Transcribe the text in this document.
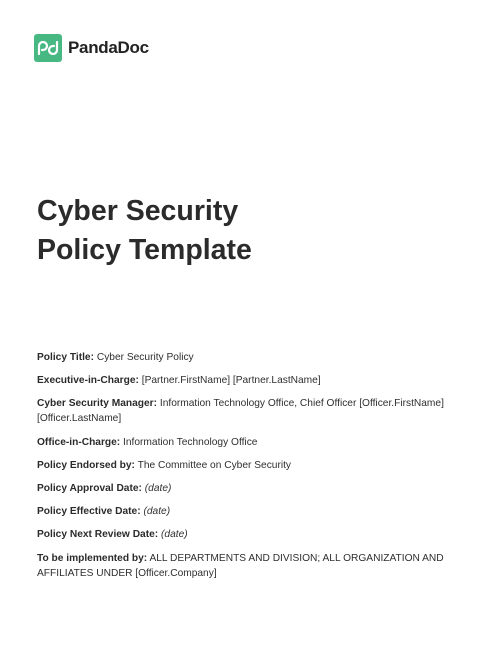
PandaDoc
Cyber Security
Policy Template

Policy Title: Cyber Security Policy

Executive-in-Charge: [Partner.FirstName] [Partner.LastName]

Cyber Security Manager: Information Technology Office, Chief Officer [Officer.FirstName] [Officer.LastName]

Office-in-Charge: Information Technology Office

Policy Endorsed by: The Committee on Cyber Security

Policy Approval Date: (date)

Policy Effective Date: (date)

Policy Next Review Date: (date)

To be implemented by: ALL DEPARTMENTS AND DIVISION; ALL ORGANIZATION AND AFFILIATES UNDER [Officer.Company]
